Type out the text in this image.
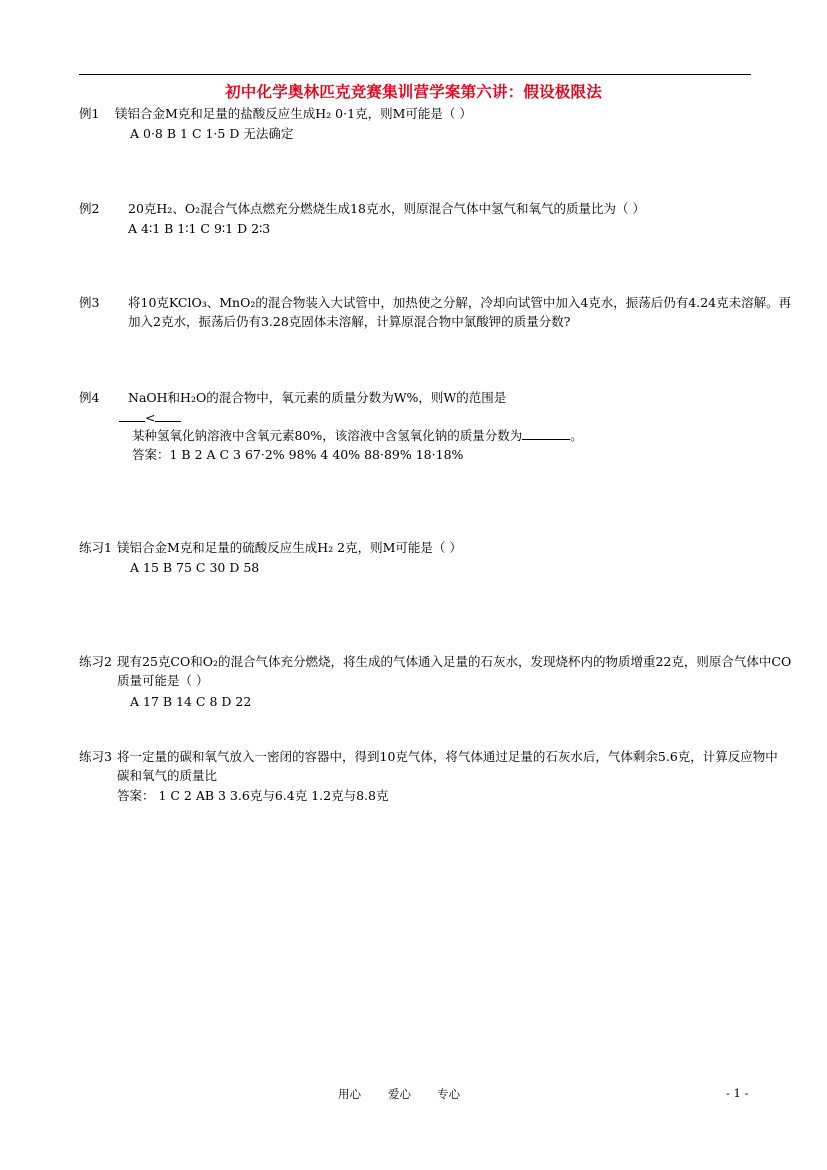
初中化学奥林匹克竞赛集训营学案第六讲：假设极限法
例1 镁铝合金M克和足量的盐酸反应生成H₂ 0·1克，则M可能是（ ）
A 0·8 B 1 C 1·5 D 无法确定
例2 20克H₂、O₂混合气体点燃充分燃烧生成18克水，则原混合气体中氢气和氧气的质量比为（ ）
A 4∶1 B 1∶1 C 9∶1 D 2∶3
例3 将10克KClO₃、MnO₂的混合物装入大试管中，加热使之分解，冷却向试管中加入4克水，振荡后仍有4.24克未溶解。再
加入2克水，振荡后仍有3.28克固体未溶解，计算原混合物中氯酸钾的质量分数?
例4 NaOH和H₂O的混合物中，氧元素的质量分数为W%，则W的范围是
<
某种氢氧化钠溶液中含氧元素80%，该溶液中含氢氧化钠的质量分数为	。
答案：1 B 2 A C 3 67·2% 98% 4 40% 88·89% 18·18%
练习1 镁铝合金M克和足量的硫酸反应生成H₂ 2克，则M可能是（ ）
A 15 B 75 C 30 D 58
练习2 现有25克CO和O₂的混合气体充分燃烧，将生成的气体通入足量的石灰水，发现烧杯内的物质增重22克，则原合气体中CO
质量可能是（ ）
A 17 B 14 C 8 D 22
练习3 将一定量的碳和氧气放入一密闭的容器中，得到10克气体，将气体通过足量的石灰水后，气体剩余5.6克，计算反应物中
碳和氧气的质量比
答案： 1 C 2 AB 3 3.6克与6.4克 1.2克与8.8克
用心 爱心 专心	- 1 -
